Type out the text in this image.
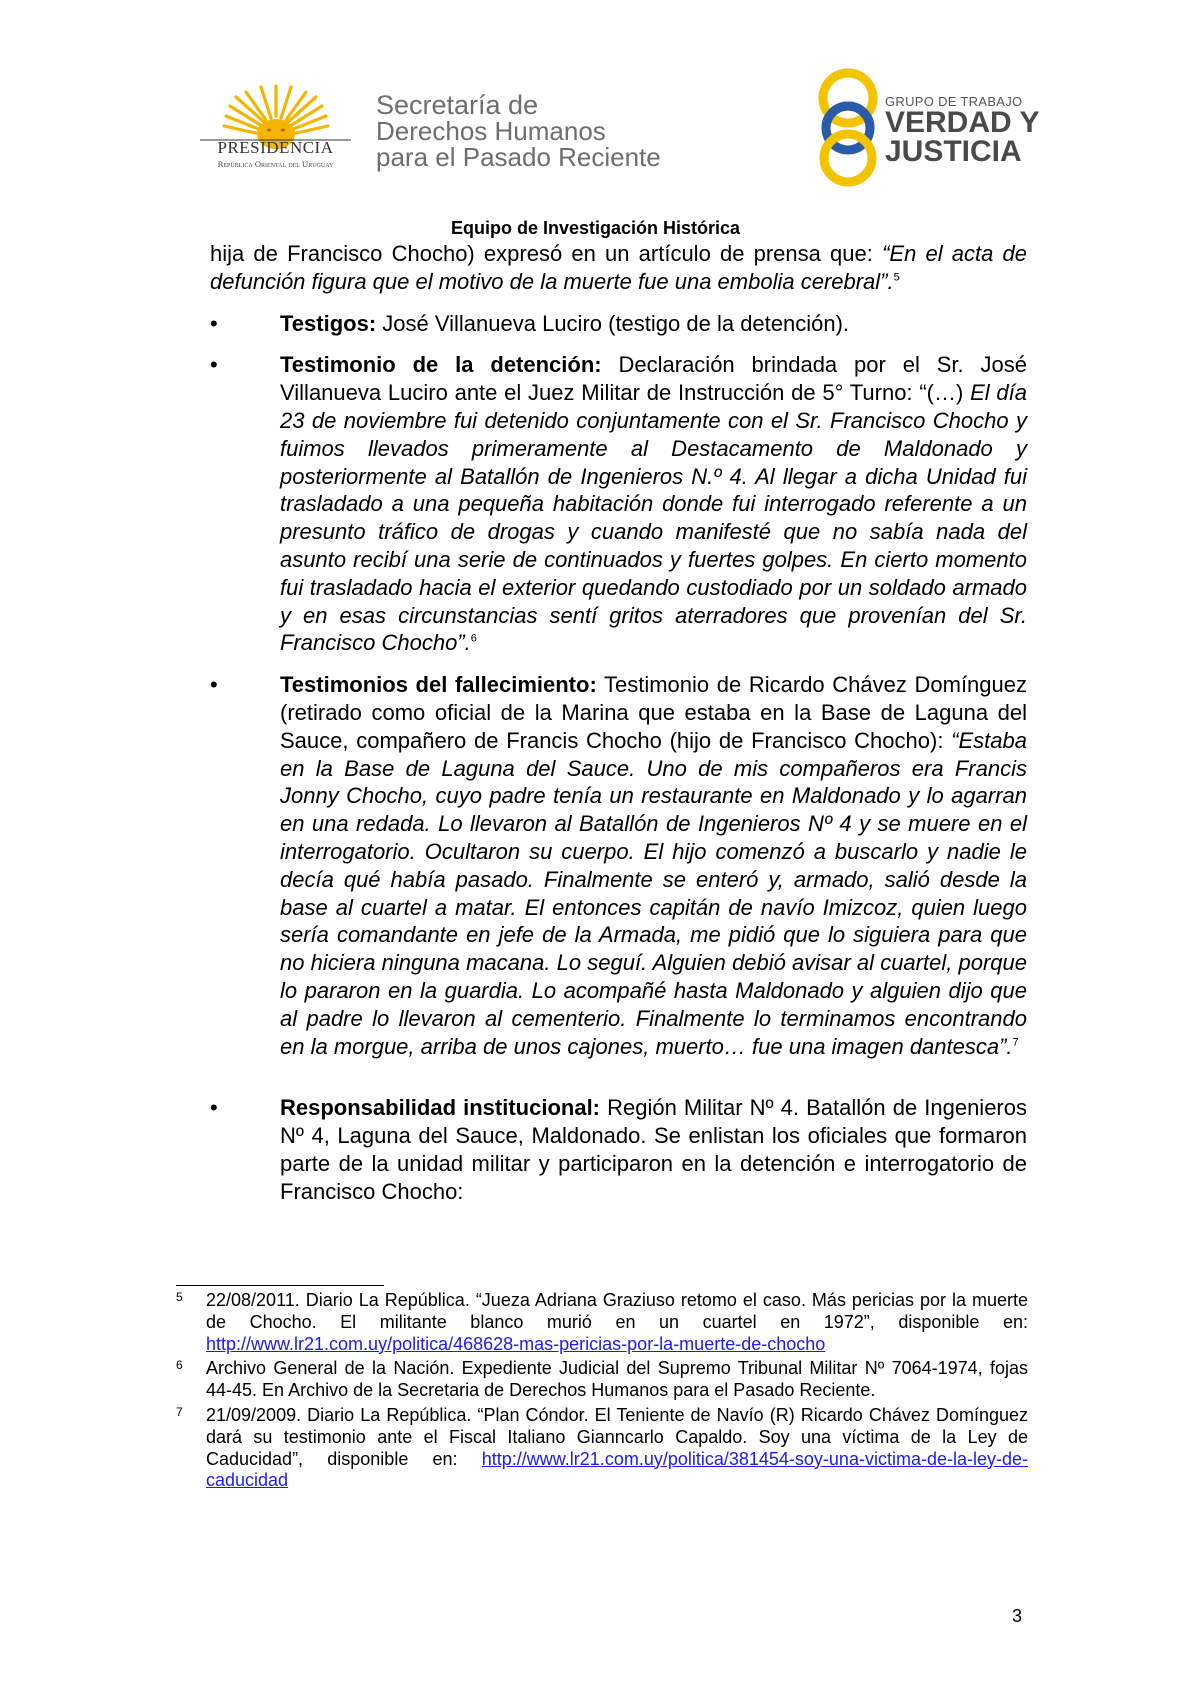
PRESIDENCIA
República Oriental del Uruguay
Secretaría de
Derechos Humanos
para el Pasado Reciente
GRUPO DE TRABAJO
VERDAD Y
JUSTICIA
Equipo de Investigación Histórica

hija de Francisco Chocho) expresó en un artículo de prensa que: “En el acta de defunción figura que el motivo de la muerte fue una embolia cerebral”.$^5$

• Testigos: José Villanueva Luciro (testigo de la detención).

• Testimonio de la detención: Declaración brindada por el Sr. José Villanueva Luciro ante el Juez Militar de Instrucción de 5° Turno: “(…) El día 23 de noviembre fui detenido conjuntamente con el Sr. Francisco Chocho y fuimos llevados primeramente al Destacamento de Maldonado y posteriormente al Batallón de Ingenieros N.º 4. Al llegar a dicha Unidad fui trasladado a una pequeña habitación donde fui interrogado referente a un presunto tráfico de drogas y cuando manifesté que no sabía nada del asunto recibí una serie de continuados y fuertes golpes. En cierto momento fui trasladado hacia el exterior quedando custodiado por un soldado armado y en esas circunstancias sentí gritos aterradores que provenían del Sr. Francisco Chocho”.$^6$

• Testimonios del fallecimiento: Testimonio de Ricardo Chávez Domínguez (retirado como oficial de la Marina que estaba en la Base de Laguna del Sauce, compañero de Francis Chocho (hijo de Francisco Chocho): “Estaba en la Base de Laguna del Sauce. Uno de mis compañeros era Francis Jonny Chocho, cuyo padre tenía un restaurante en Maldonado y lo agarran en una redada. Lo llevaron al Batallón de Ingenieros Nº 4 y se muere en el interrogatorio. Ocultaron su cuerpo. El hijo comenzó a buscarlo y nadie le decía qué había pasado. Finalmente se enteró y, armado, salió desde la base al cuartel a matar. El entonces capitán de navío Imizcoz, quien luego sería comandante en jefe de la Armada, me pidió que lo siguiera para que no hiciera ninguna macana. Lo seguí. Alguien debió avisar al cuartel, porque lo pararon en la guardia. Lo acompañé hasta Maldonado y alguien dijo que al padre lo llevaron al cementerio. Finalmente lo terminamos encontrando en la morgue, arriba de unos cajones, muerto… fue una imagen dantesca”.$^7$

• Responsabilidad institucional: Región Militar Nº 4. Batallón de Ingenieros Nº 4, Laguna del Sauce, Maldonado. Se enlistan los oficiales que formaron parte de la unidad militar y participaron en la detención e interrogatorio de Francisco Chocho:

5 22/08/2011. Diario La República. “Jueza Adriana Graziuso retomo el caso. Más pericias por la muerte de Chocho. El militante blanco murió en un cuartel en 1972”, disponible en: http://www.lr21.com.uy/politica/468628-mas-pericias-por-la-muerte-de-chocho
6 Archivo General de la Nación. Expediente Judicial del Supremo Tribunal Militar Nº 7064-1974, fojas 44-45. En Archivo de la Secretaria de Derechos Humanos para el Pasado Reciente.
7 21/09/2009. Diario La República. “Plan Cóndor. El Teniente de Navío (R) Ricardo Chávez Domínguez dará su testimonio ante el Fiscal Italiano Gianncarlo Capaldo. Soy una víctima de la Ley de Caducidad”, disponible en: http://www.lr21.com.uy/politica/381454-soy-una-victima-de-la-ley-de-caducidad
3
